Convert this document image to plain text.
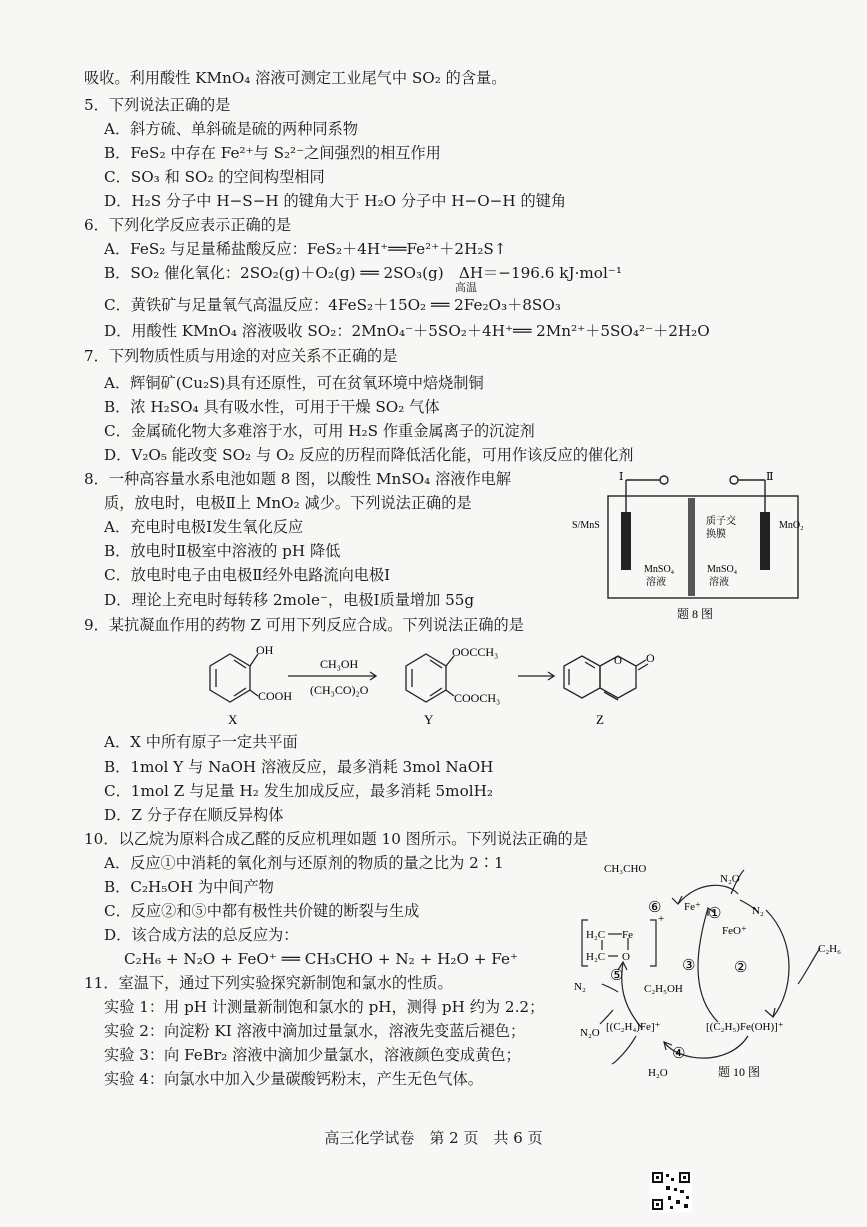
吸收。利用酸性 KMnO₄ 溶液可测定工业尾气中 SO₂ 的含量。
5．下列说法正确的是
A．斜方硫、单斜硫是硫的两种同系物
B．FeS₂ 中存在 Fe²⁺与 S₂²⁻之间强烈的相互作用
C．SO₃ 和 SO₂ 的空间构型相同
D．H₂S 分子中 H−S−H 的键角大于 H₂O 分子中 H−O−H 的键角
6．下列化学反应表示正确的是
A．FeS₂ 与足量稀盐酸反应：FeS₂＋4H⁺══Fe²⁺＋2H₂S↑
B．SO₂ 催化氧化：2SO₂(g)＋O₂(g) ══ 2SO₃(g)　ΔH＝−196.6 kJ·mol⁻¹
C．黄铁矿与足量氧气高温反应：4FeS₂＋15O₂ ══ 2Fe₂O₃＋8SO₃
高温
D．用酸性 KMnO₄ 溶液吸收 SO₂：2MnO₄⁻＋5SO₂＋4H⁺══ 2Mn²⁺＋5SO₄²⁻＋2H₂O
7．下列物质性质与用途的对应关系不正确的是
A．辉铜矿(Cu₂S)具有还原性，可在贫氧环境中焙烧制铜
B．浓 H₂SO₄ 具有吸水性，可用于干燥 SO₂ 气体
C．金属硫化物大多难溶于水，可用 H₂S 作重金属离子的沉淀剂
D．V₂O₅ 能改变 SO₂ 与 O₂ 反应的历程而降低活化能，可用作该反应的催化剂
8．一种高容量水系电池如题 8 图，以酸性 MnSO₄ 溶液作电解
质，放电时，电极Ⅱ上 MnO₂ 减少。下列说法正确的是
A．充电时电极Ⅰ发生氧化反应
B．放电时Ⅱ极室中溶液的 pH 降低
C．放电时电子由电极Ⅱ经外电路流向电极Ⅰ
D．理论上充电时每转移 2mole⁻，电极Ⅰ质量增加 55g
9．某抗凝血作用的药物 Z 可用下列反应合成。下列说法正确的是
A．X 中所有原子一定共平面
B．1mol Y 与 NaOH 溶液反应，最多消耗 3mol NaOH
C．1mol Z 与足量 H₂ 发生加成反应，最多消耗 5molH₂
D．Z 分子存在顺反异构体
10．以乙烷为原料合成乙醛的反应机理如题 10 图所示。下列说法正确的是
A．反应①中消耗的氧化剂与还原剂的物质的量之比为 2∶1
B．C₂H₅OH 为中间产物
C．反应②和⑤中都有极性共价键的断裂与生成
D．该合成方法的总反应为：
C₂H₆ + N₂O + FeO⁺ ══ CH₃CHO + N₂ + H₂O + Fe⁺
11．室温下，通过下列实验探究新制饱和氯水的性质。
实验 1：用 pH 计测量新制饱和氯水的 pH，测得 pH 约为 2.2；
实验 2：向淀粉 KI 溶液中滴加过量氯水，溶液先变蓝后褪色；
实验 3：向 FeBr₂ 溶液中滴加少量氯水，溶液颜色变成黄色；
实验 4：向氯水中加入少量碳酸钙粉末，产生无色气体。
Ⅰ	Ⅱ
S/MnS	MnO₂
质子交
换膜
MnSO₄
溶液
MnSO₄
溶液
题 8 图
OH
COOH
CH₃OH
(CH₃CO)₂O
OOCCH₃
COOCH₃
O O
X	Y	Z
CH₃CHO
Fe⁺
N₂O
N₂
FeO⁺
C₂H₆
[(C₂H₅)Fe(OH)]⁺
[(C₂H₄)Fe]⁺
C₂H₅OH
H₂O
N₂
N₂O
H₂C
H₂C
Fe
O
+	①
②
③
④
⑤
⑥
题 10 图
高三化学试卷　第 2 页　共 6 页
